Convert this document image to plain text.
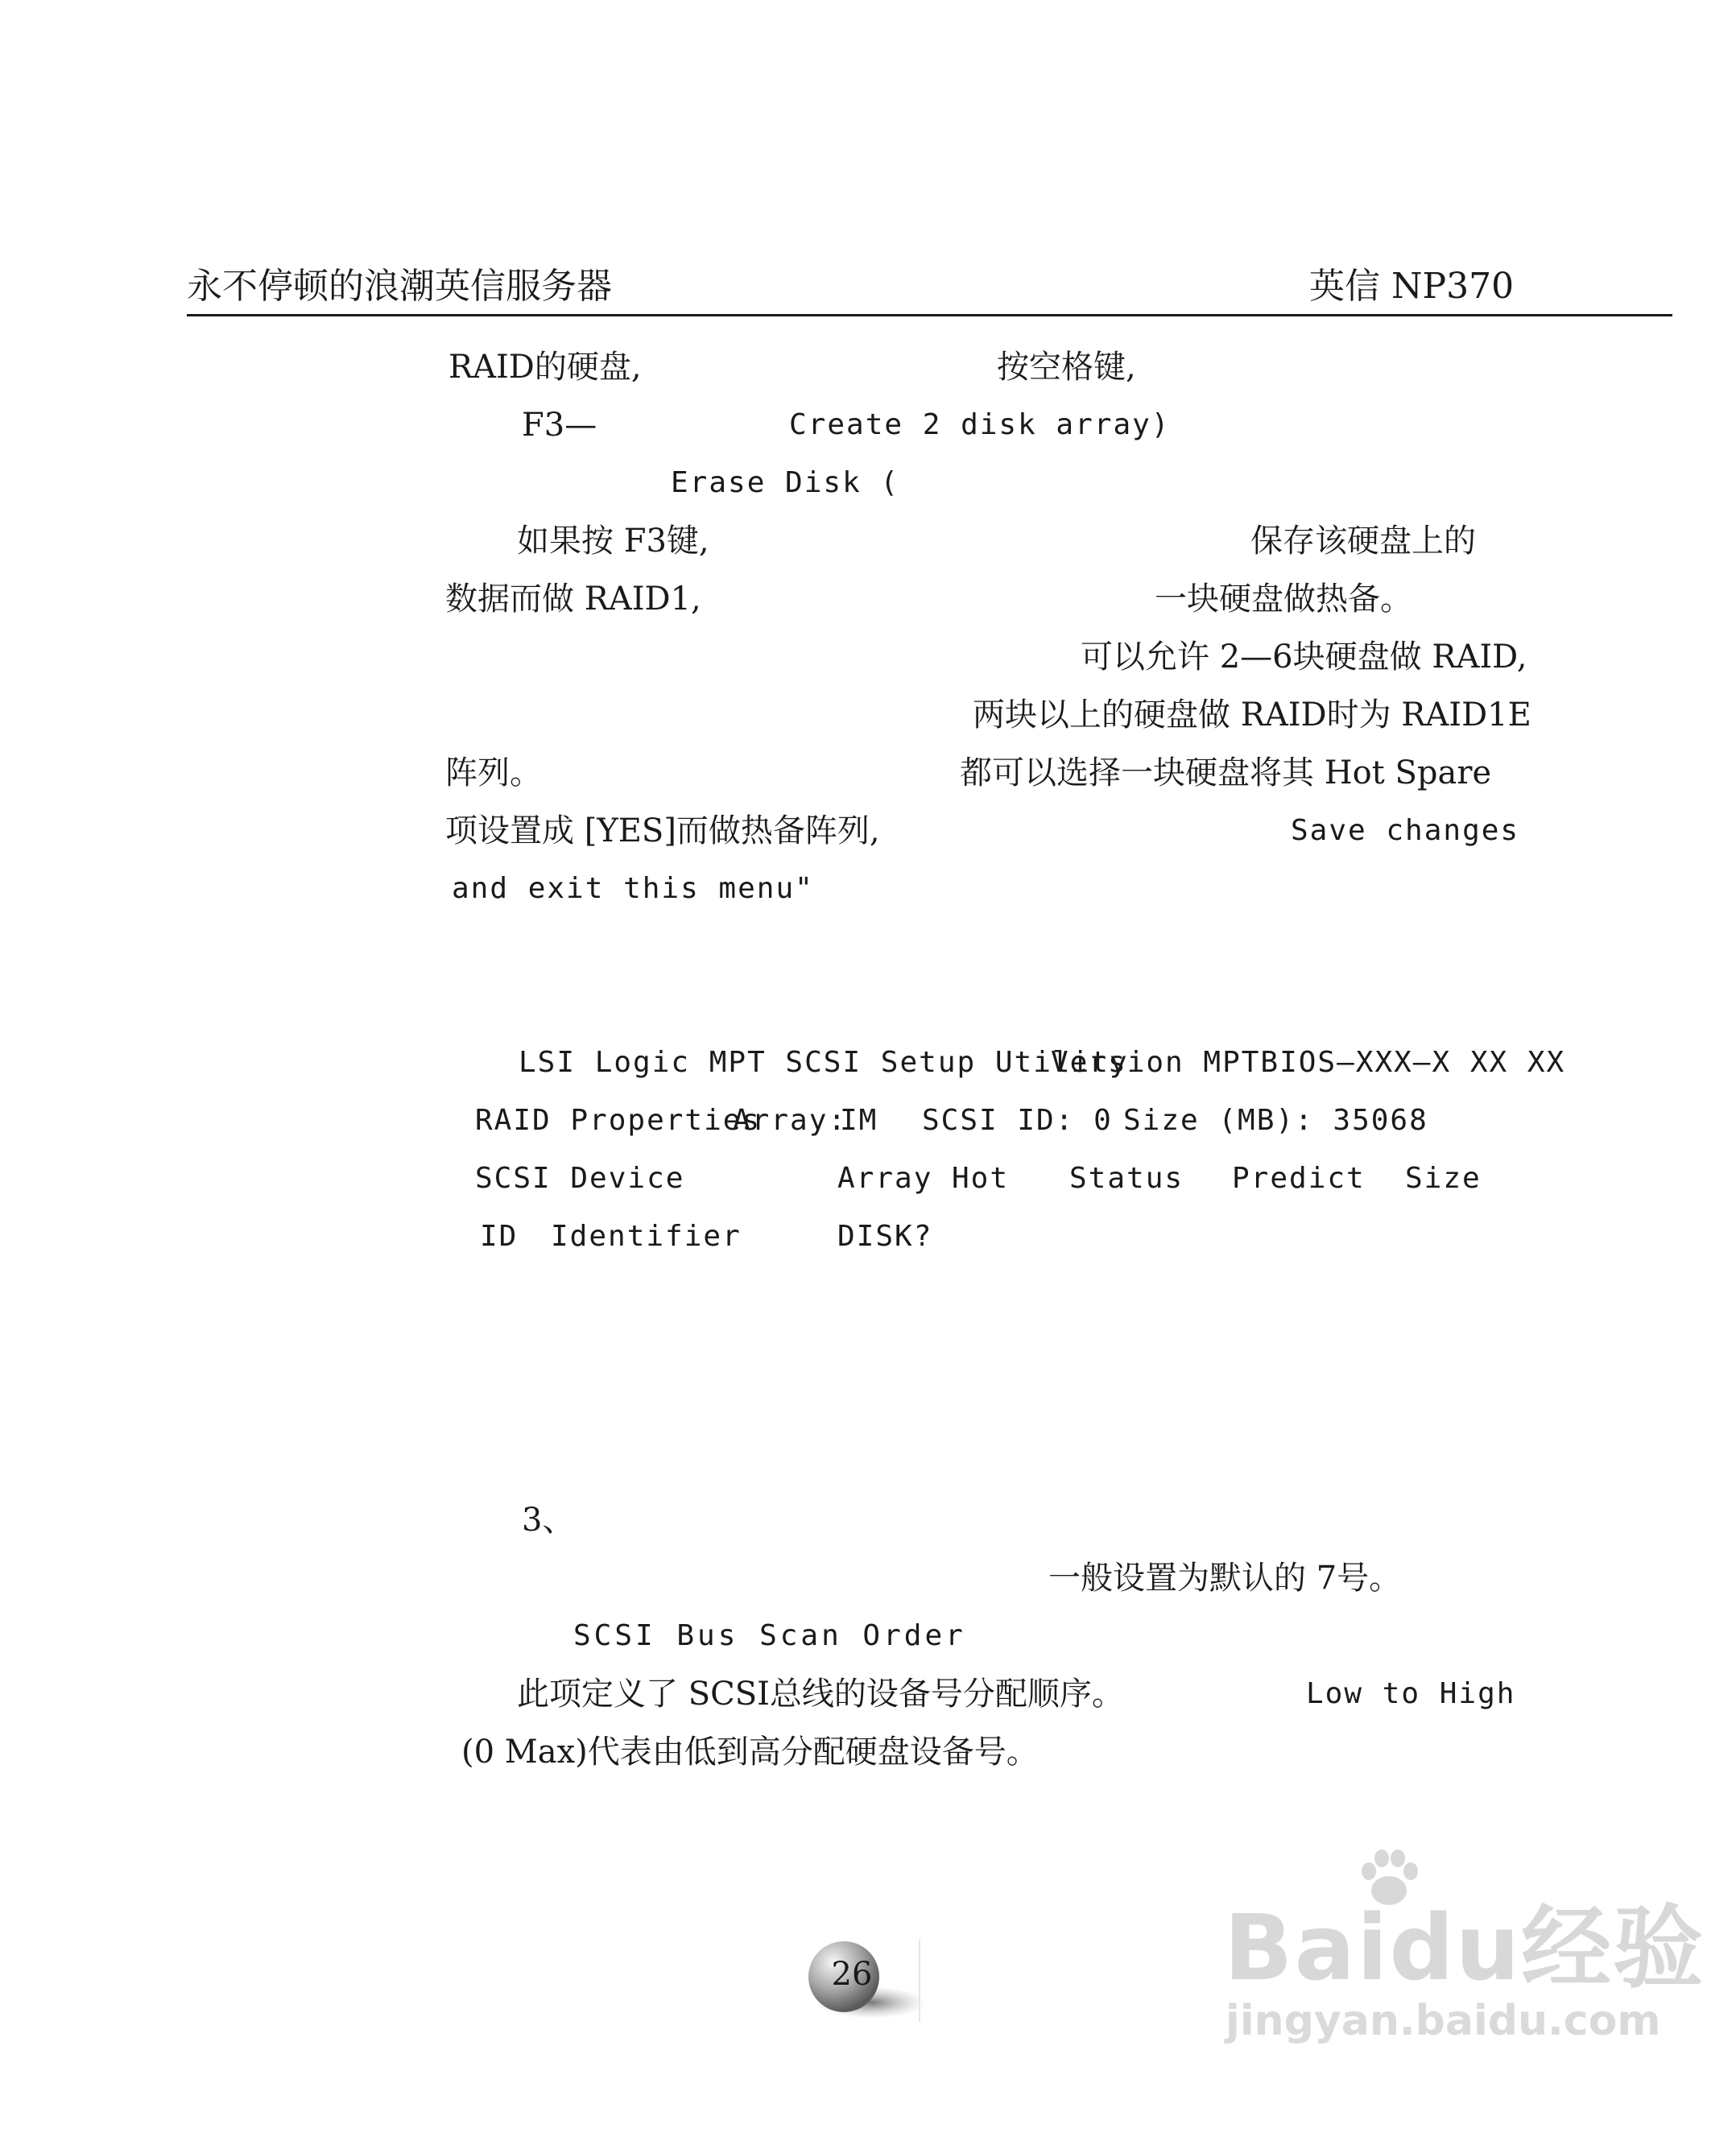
永不停顿的浪潮英信服务器	英信 NP370
RAID的硬盘,	按空格键,
F3—	Create 2 disk array)
Erase Disk (
如果按 F3键,	保存该硬盘上的
数据而做 RAID1,	一块硬盘做热备。
可以允许 2—6块硬盘做 RAID,
两块以上的硬盘做 RAID时为 RAID1E
阵列。	都可以选择一块硬盘将其 Hot Spare
项设置成 [YES]而做热备阵列,	Save changes
and exit this menu"
LSI Logic MPT SCSI Setup Utility
Version MPTBIOS—XXX—X XX XX
RAID Properties
Array:
IM SCSI ID: 0 Size (MB): 35068
SCSI Device	Array Hot Status Predict Size
ID Identifier	DISK?
3、
一般设置为默认的 7号。
SCSI Bus Scan Order
此项定义了 SCSI总线的设备号分配顺序。	Low to High
(0 Max)代表由低到高分配硬盘设备号。
26	Baidu经验
jingyan.baidu.com
